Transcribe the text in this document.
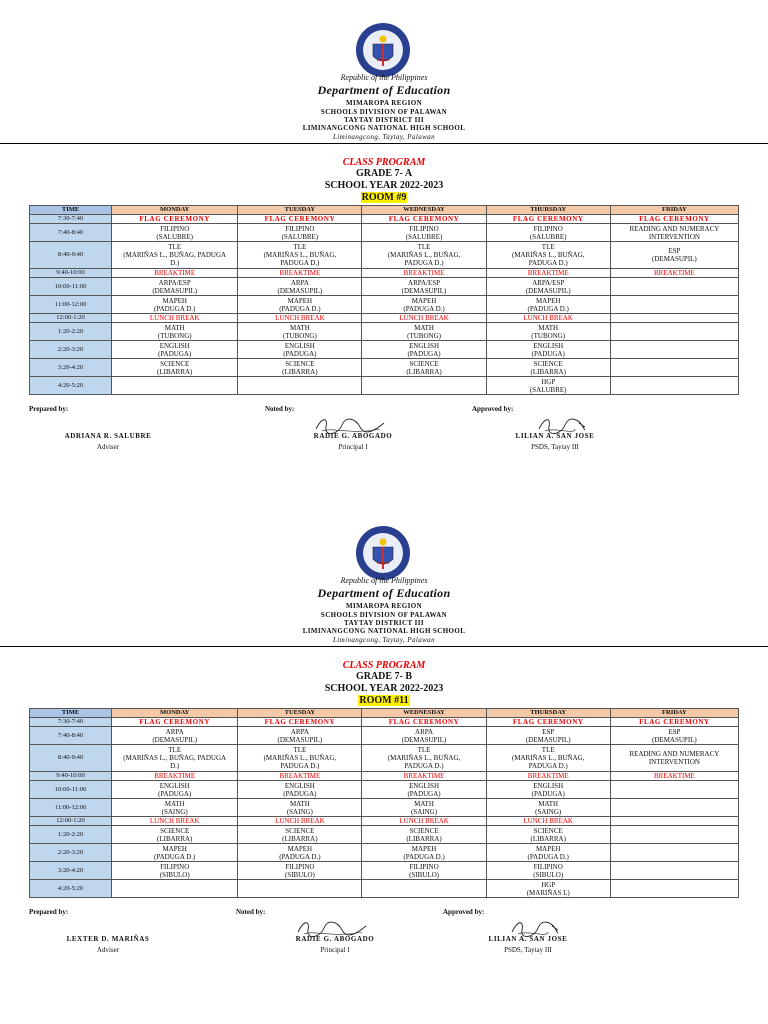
Republic of the Philippines
Department of Education
MIMAROPA REGION
SCHOOLS DIVISION OF PALAWAN
TAYTAY DISTRICT III
LIMINANGCONG NATIONAL HIGH SCHOOL
Liminangcong, Taytay, Palawan
CLASS PROGRAM
GRADE 7- A
SCHOOL YEAR 2022-2023
ROOM #9
TIME	MONDAY	TUESDAY	WEDNESDAY	THURSDAY	FRIDAY
7:30-7:40	FLAG CEREMONY	FLAG CEREMONY	FLAG CEREMONY	FLAG CEREMONY	FLAG CEREMONY
7:40-8:40	FILIPINO
(SALUBRE)	FILIPINO
(SALUBRE)	FILIPINO
(SALUBRE)	FILIPINO
(SALUBRE)	READING AND NUMERACY
INTERVENTION
8:40-9:40	TLE
(MARIÑAS L., BUÑAG, PADUGA
D.)	TLE
(MARIÑAS L., BUÑAG,
PADUGA D.)	TLE
(MARIÑAS L., BUÑAG,
PADUGA D.)	TLE
(MARIÑAS L., BUÑAG,
PADUGA D.)	ESP
(DEMASUPIL)
9:40-10:00	BREAKTIME	BREAKTIME	BREAKTIME	BREAKTIME	BREAKTIME
10:00-11:00	ARPA/ESP
(DEMASUPIL)	ARPA
(DEMASUPIL)	ARPA/ESP
(DEMASUPIL)	ARPA/ESP
(DEMASUPIL)	
11:00-12:00	MAPEH
(PADUGA D.)	MAPEH
(PADUGA D.)	MAPEH
(PADUGA D.)	MAPEH
(PADUGA D.)	
12:00-1:20	LUNCH BREAK	LUNCH BREAK	LUNCH BREAK	LUNCH BREAK	
1:20-2:20	MATH
(TUBONG)	MATH
(TUBONG)	MATH
(TUBONG)	MATH
(TUBONG)	
2:20-3:20	ENGLISH
(PADUGA)	ENGLISH
(PADUGA)	ENGLISH
(PADUGA)	ENGLISH
(PADUGA)	
3:20-4:20	SCIENCE
(LIBARRA)	SCIENCE
(LIBARRA)	SCIENCE
(LIBARRA)	SCIENCE
(LIBARRA)	
4:20-5:20				HGP
(SALUBRE)	
Prepared by:	Noted by:	Approved by:
ADRIANA R. SALUBRE
Adviser
RADIE G. ABOGADO
Principal I
LILIAN A. SAN JOSE
PSDS, Taytay III
Republic of the Philippines
Department of Education
MIMAROPA REGION
SCHOOLS DIVISION OF PALAWAN
TAYTAY DISTRICT III
LIMINANGCONG NATIONAL HIGH SCHOOL
Liminangcong, Taytay, Palawan
CLASS PROGRAM
GRADE 7- B
SCHOOL YEAR 2022-2023
ROOM #11
TIME	MONDAY	TUESDAY	WEDNESDAY	THURSDAY	FRIDAY
7:30-7:40	FLAG CEREMONY	FLAG CEREMONY	FLAG CEREMONY	FLAG CEREMONY	FLAG CEREMONY
7:40-8:40	ARPA
(DEMASUPIL)	ARPA
(DEMASUPIL)	ARPA
(DEMASUPIL)	ESP
(DEMASUPIL)	ESP
(DEMASUPIL)
8:40-9:40	TLE
(MARIÑAS L., BUÑAG, PADUGA
D.)	TLE
(MARIÑAS L., BUÑAG,
PADUGA D.)	TLE
(MARIÑAS L., BUÑAG,
PADUGA D.)	TLE
(MARIÑAS L., BUÑAG,
PADUGA D.)	READING AND NUMERACY
INTERVENTION
9:40-10:00	BREAKTIME	BREAKTIME	BREAKTIME	BREAKTIME	BREAKTIME
10:00-11:00	ENGLISH
(PADUGA)	ENGLISH
(PADUGA)	ENGLISH
(PADUGA)	ENGLISH
(PADUGA)	
11:00-12:00	MATH
(SAING)	MATH
(SAING)	MATH
(SAING)	MATH
(SAING)	
12:00-1:20	LUNCH BREAK	LUNCH BREAK	LUNCH BREAK	LUNCH BREAK	
1:20-2:20	SCIENCE
(LIBARRA)	SCIENCE
(LIBARRA)	SCIENCE
(LIBARRA)	SCIENCE
(LIBARRA)	
2:20-3:20	MAPEH
(PADUGA D.)	MAPEH
(PADUGA D.)	MAPEH
(PADUGA D.)	MAPEH
(PADUGA D.)	
3:20-4:20	FILIPINO
(SIBULO)	FILIPINO
(SIBULO)	FILIPINO
(SIBULO)	FILIPINO
(SIBULO)	
4:20-5:20				HGP
(MARIÑAS L)	
Prepared by:	Noted by:	Approved by:
LEXTER D. MARIÑAS
Adviser
RADIE G. ABOGADO
Principal I
LILIAN A. SAN JOSE
PSDS, Taytay III
